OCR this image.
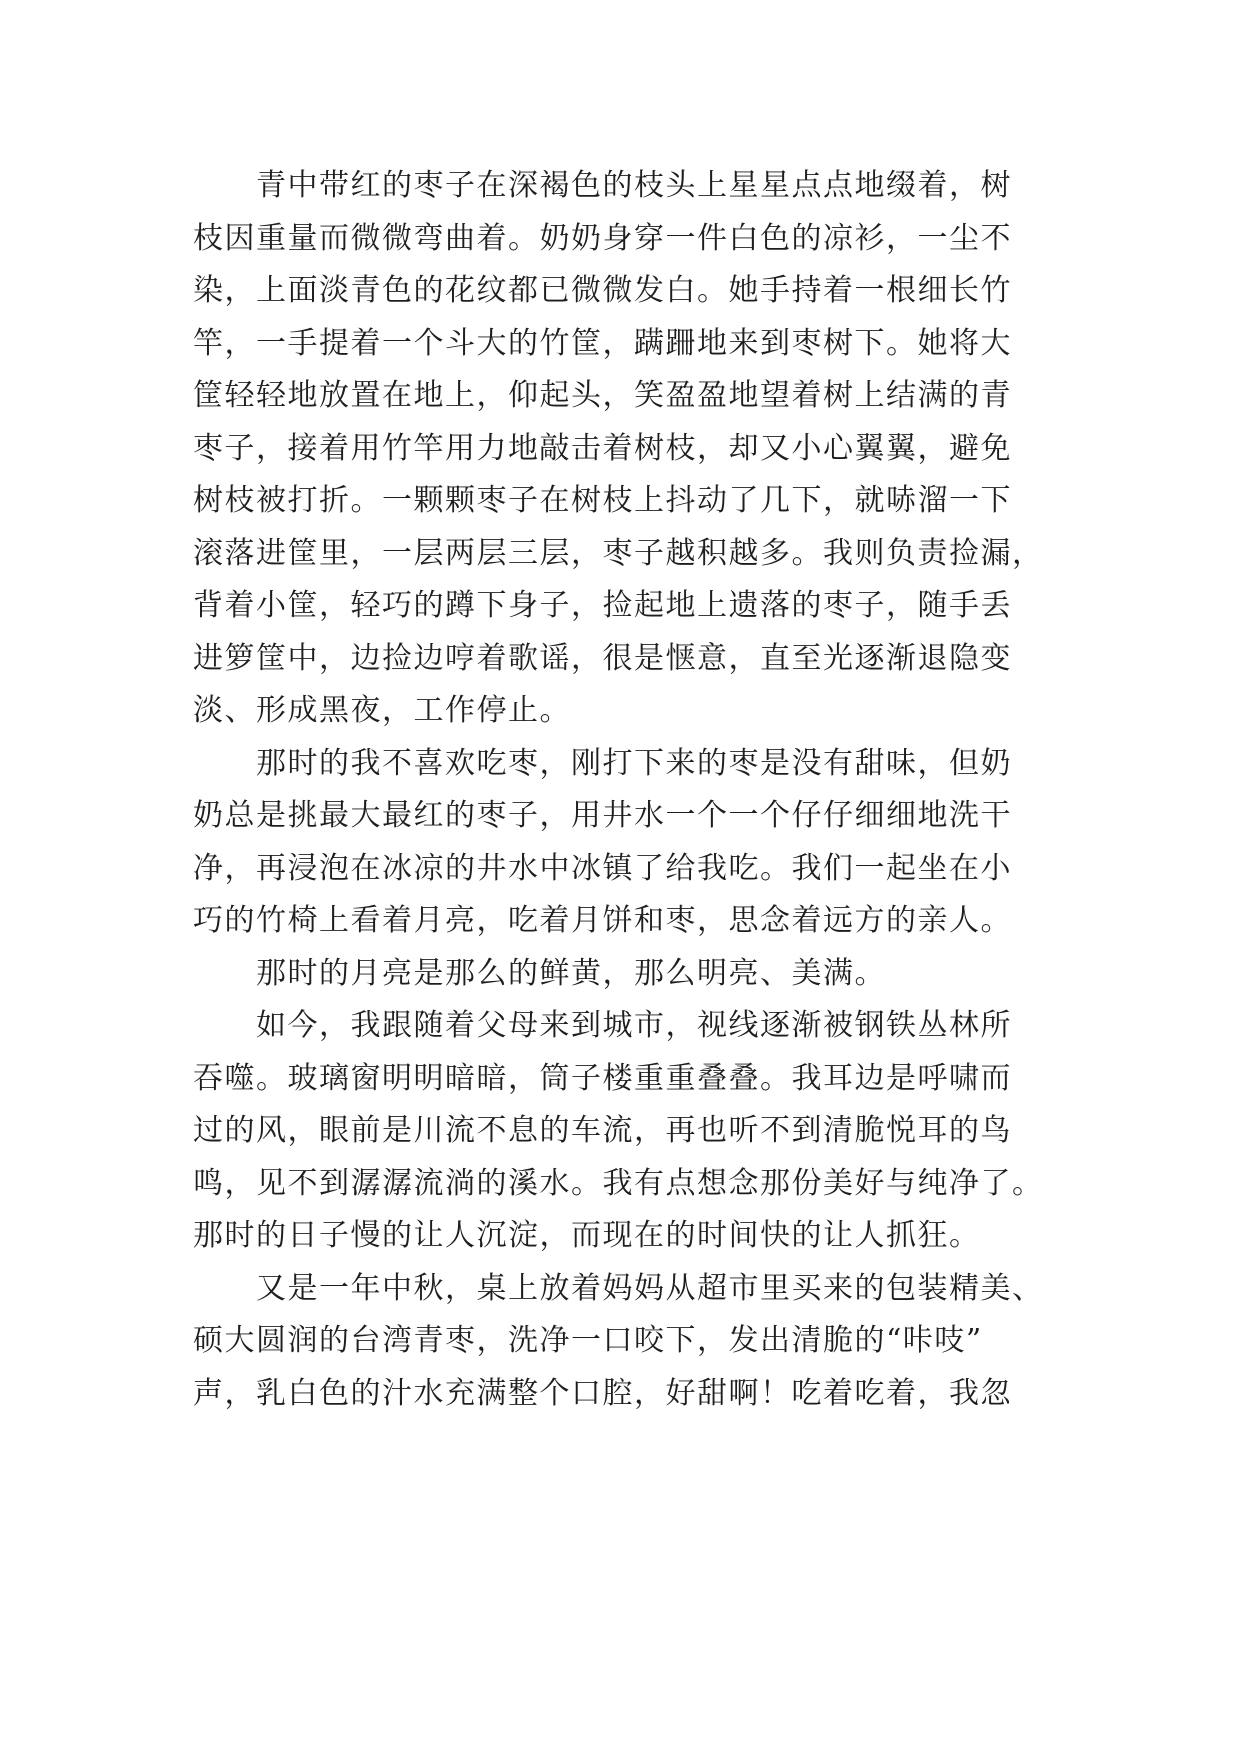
　　青中带红的枣子在深褐色的枝头上星星点点地缀着，树
枝因重量而微微弯曲着。奶奶身穿一件白色的凉衫，一尘不
染，上面淡青色的花纹都已微微发白。她手持着一根细长竹
竿，一手提着一个斗大的竹筐，蹒跚地来到枣树下。她将大
筐轻轻地放置在地上，仰起头，笑盈盈地望着树上结满的青
枣子，接着用竹竿用力地敲击着树枝，却又小心翼翼，避免
树枝被打折。一颗颗枣子在树枝上抖动了几下，就哧溜一下
滚落进筐里，一层两层三层，枣子越积越多。我则负责捡漏，
背着小筐，轻巧的蹲下身子，捡起地上遗落的枣子，随手丢
进箩筐中，边捡边哼着歌谣，很是惬意，直至光逐渐退隐变
淡、形成黑夜，工作停止。
　　那时的我不喜欢吃枣，刚打下来的枣是没有甜味，但奶
奶总是挑最大最红的枣子，用井水一个一个仔仔细细地洗干
净，再浸泡在冰凉的井水中冰镇了给我吃。我们一起坐在小
巧的竹椅上看着月亮，吃着月饼和枣，思念着远方的亲人。
　　那时的月亮是那么的鲜黄，那么明亮、美满。
　　如今，我跟随着父母来到城市，视线逐渐被钢铁丛林所
吞噬。玻璃窗明明暗暗，筒子楼重重叠叠。我耳边是呼啸而
过的风，眼前是川流不息的车流，再也听不到清脆悦耳的鸟
鸣，见不到潺潺流淌的溪水。我有点想念那份美好与纯净了。
那时的日子慢的让人沉淀，而现在的时间快的让人抓狂。
　　又是一年中秋，桌上放着妈妈从超市里买来的包装精美、
硕大圆润的台湾青枣，洗净一口咬下，发出清脆的“咔吱”
声，乳白色的汁水充满整个口腔，好甜啊！吃着吃着，我忽
